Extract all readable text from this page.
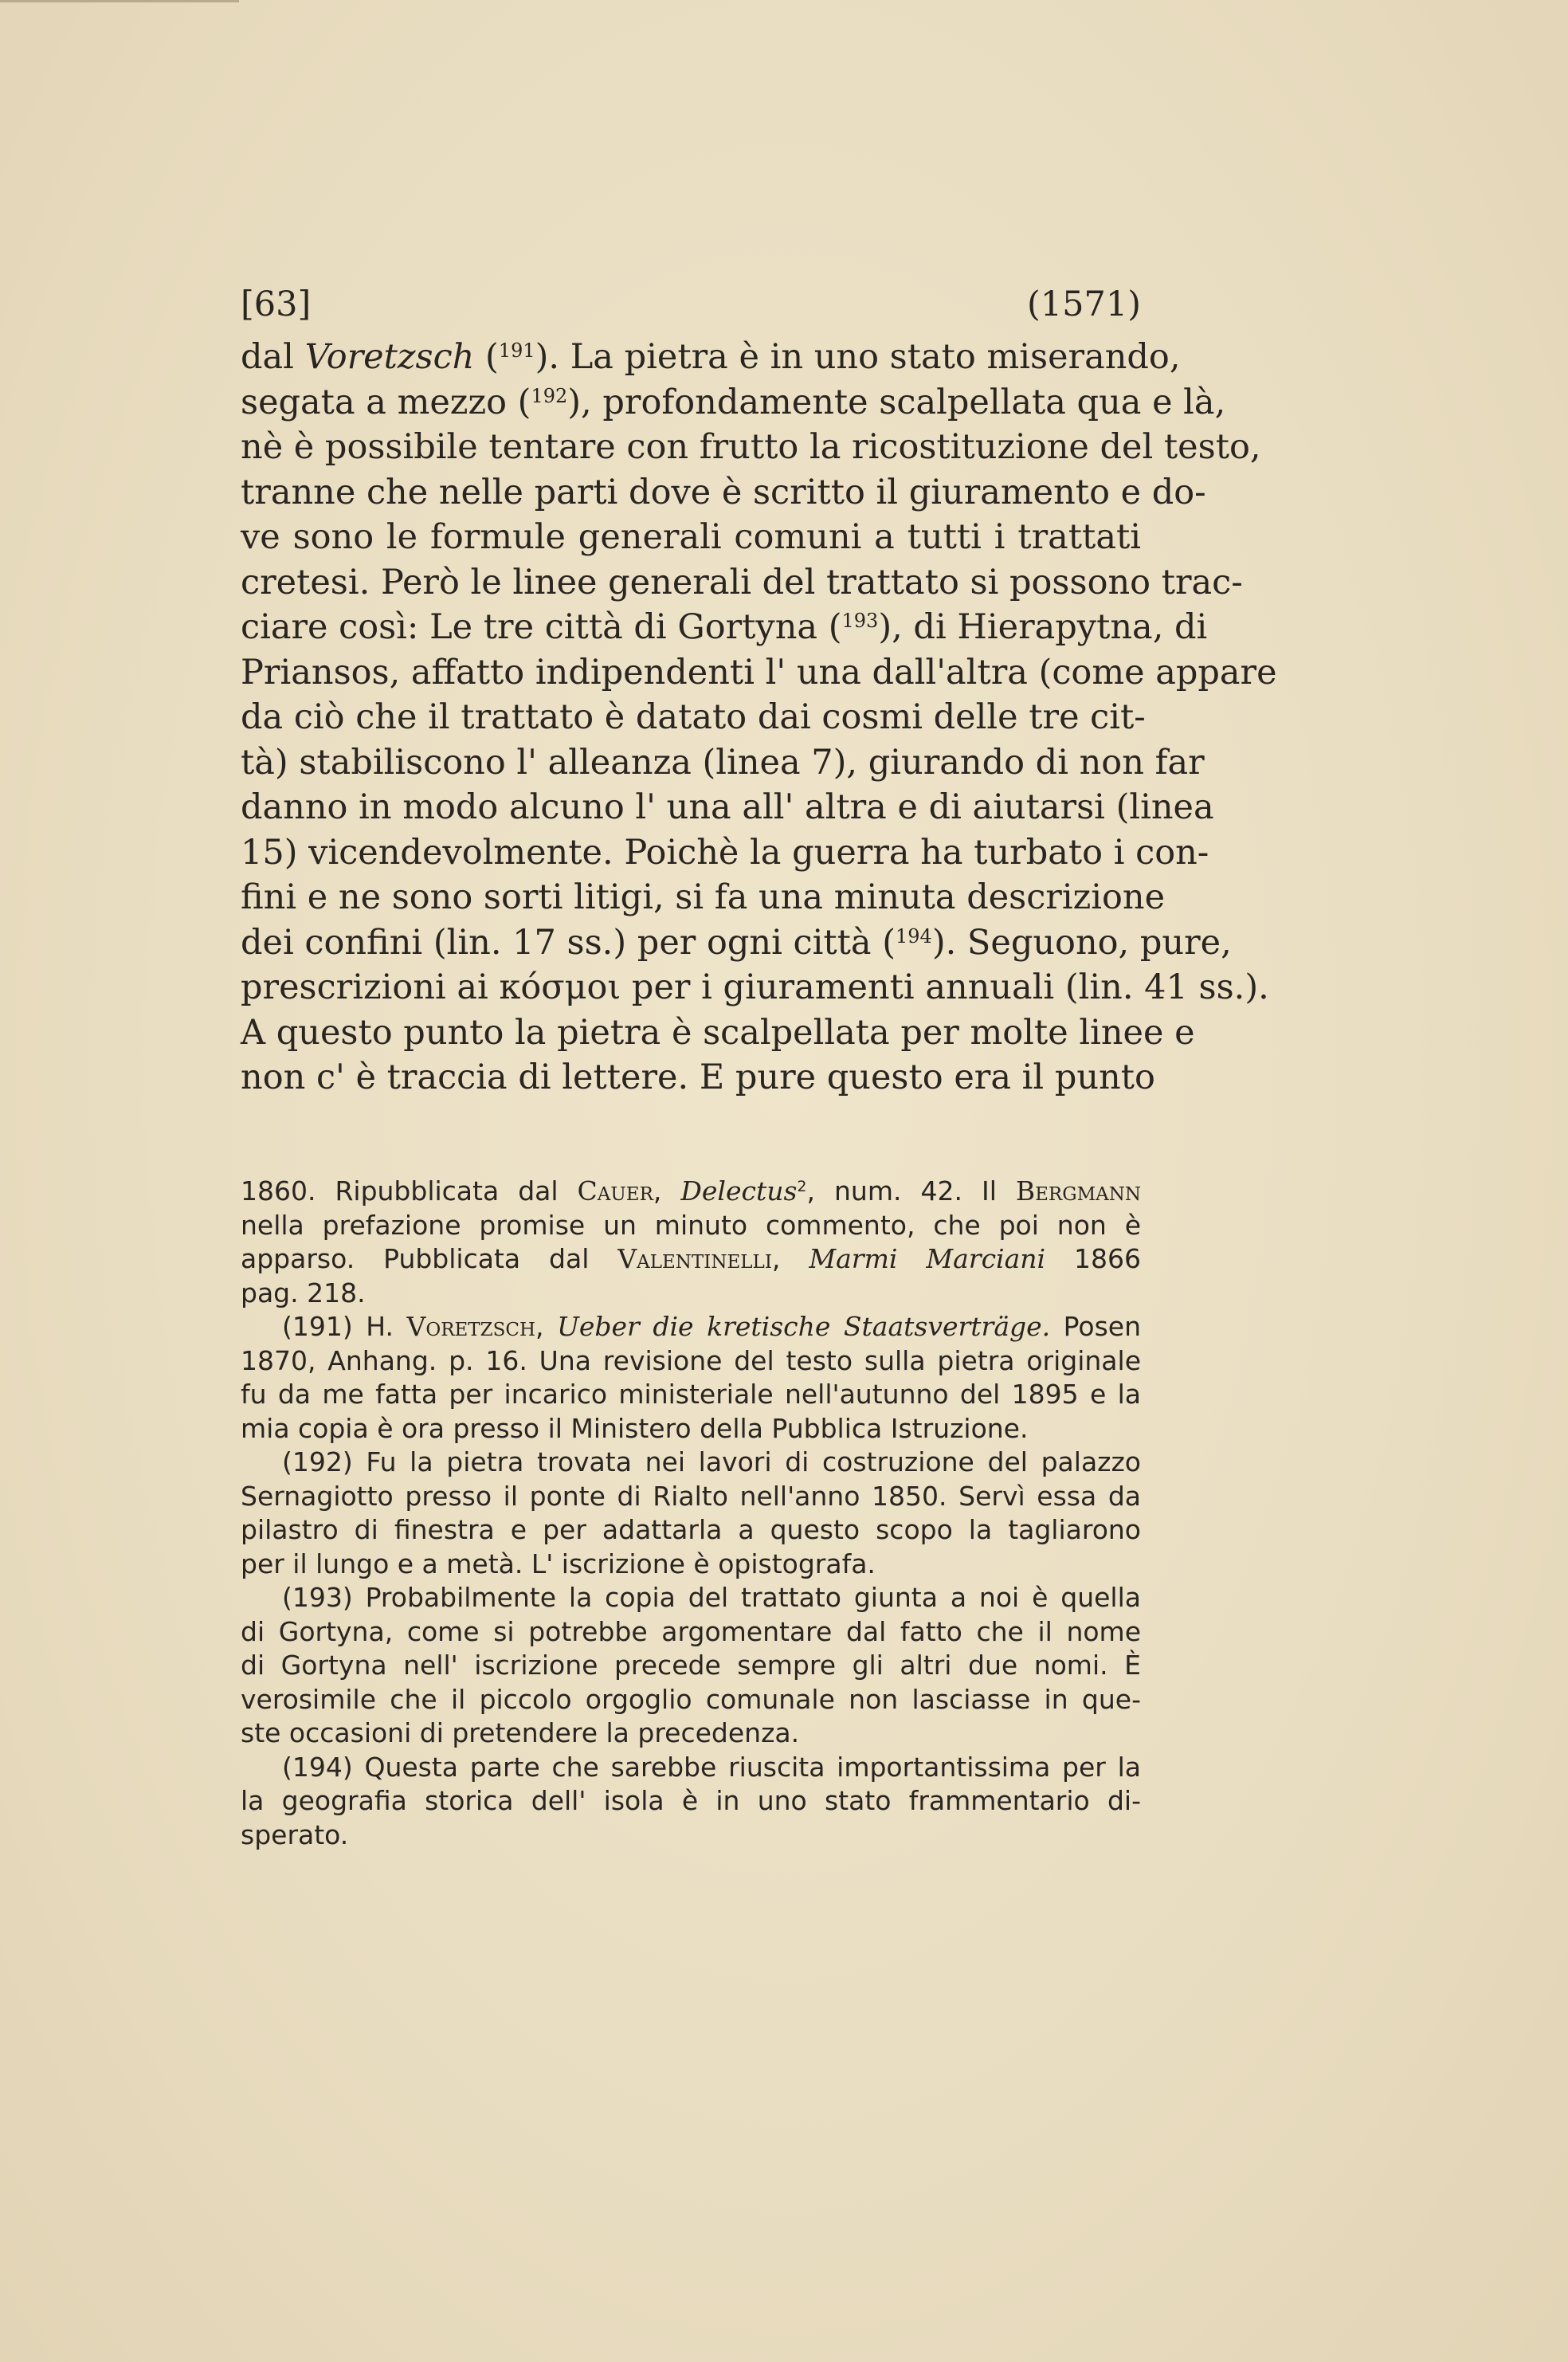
[63]	(1571)
dal Voretzsch ($^{191}$). La pietra è in uno stato miserando,
segata a mezzo ($^{192}$), profondamente scalpellata qua e là,
nè è possibile tentare con frutto la ricostituzione del testo,
tranne che nelle parti dove è scritto il giuramento e do-
ve sono le formule generali comuni a tutti i trattati
cretesi. Però le linee generali del trattato si possono trac-
ciare così: Le tre città di Gortyna ($^{193}$), di Hierapytna, di
Priansos, affatto indipendenti l' una dall'altra (come appare
da ciò che il trattato è datato dai cosmi delle tre cit-
tà) stabiliscono l' alleanza (linea 7), giurando di non far
danno in modo alcuno l' una all' altra e di aiutarsi (linea
15) vicendevolmente. Poichè la guerra ha turbato i con-
fini e ne sono sorti litigi, si fa una minuta descrizione
dei confini (lin. 17 ss.) per ogni città ($^{194}$). Seguono, pure,
prescrizioni ai κόσμοι per i giuramenti annuali (lin. 41 ss.).
A questo punto la pietra è scalpellata per molte linee e
non c' è traccia di lettere. E pure questo era il punto
1860. Ripubblicata dal Cauer, Delectus$^2$, num. 42. Il Bergmann
nella prefazione promise un minuto commento, che poi non è
apparso. Pubblicata dal Valentinelli, Marmi Marciani 1866
pag. 218.
(191) H. Voretzsch, Ueber die kretische Staatsverträge. Posen
1870, Anhang. p. 16. Una revisione del testo sulla pietra originale
fu da me fatta per incarico ministeriale nell'autunno del 1895 e la
mia copia è ora presso il Ministero della Pubblica Istruzione.
(192) Fu la pietra trovata nei lavori di costruzione del palazzo
Sernagiotto presso il ponte di Rialto nell'anno 1850. Servì essa da
pilastro di finestra e per adattarla a questo scopo la tagliarono
per il lungo e a metà. L' iscrizione è opistografa.
(193) Probabilmente la copia del trattato giunta a noi è quella
di Gortyna, come si potrebbe argomentare dal fatto che il nome
di Gortyna nell' iscrizione precede sempre gli altri due nomi. È
verosimile che il piccolo orgoglio comunale non lasciasse in que-
ste occasioni di pretendere la precedenza.
(194) Questa parte che sarebbe riuscita importantissima per la
la geografia storica dell' isola è in uno stato frammentario di-
sperato.
